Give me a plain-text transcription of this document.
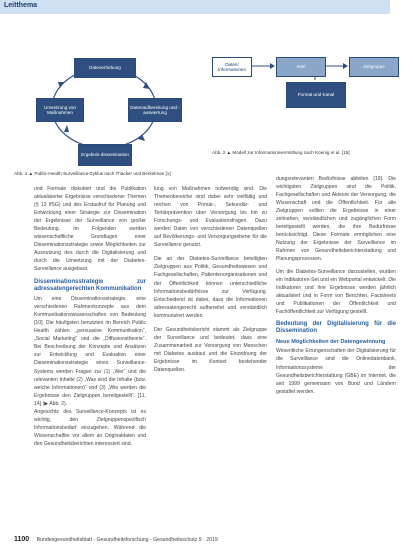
Leitthema
Datenerhebung
Umsetzung von Maßnahmen
Datenaufbereitung und -auswertung
Ergebnis-dissemination
Abb. 1 ▲ Public-Health-Surveillance-Zyklus nach Thacker und Berkelman [1]
Daten/ Informationen
Intel	Zielgruppe
Format und Kanal
Abb. 2 ▲ Modell zur Informationsvermittlung nach Koenig et al. [15]

und Formate diskutiert und die Publikation aktualisierter Ergebnisse verschiedener Themen (§ 13 IfSG) und des Erstaufruf für Planung und Entwicklung einer Strategie zur Dissemination der Ergebnisse der Surveillance von großer Bedeutung. Im Folgenden werden wissenschaftliche Grundlagen einer Disseminationsstrategie sowie Möglichkeiten zur Ausnutzung des durch die Digitalisierung und durch die Umsetzung mit der Diabetes-Surveillance ausgebaut.

Disseminationsstrategie zur adressatengerechten Kommunikation

Um eine Disseminationsstrategie, eine verschiedenen Rahmenkonzepte aus dem Kommunikationswissenschaften von Bedeutung [10]. Die häufigsten benutzten im Bereich Public Health zählen „persuasive Kommunikation“, „Social Marketing“ und die „Diffusionstheorie“. Bei Beschreibung der Konzepte und Ansätzen zur Entwicklung und Evaluation einer Disseminationsstrategie eines Surveillance-Systems werden Fragen zur (1) „Wer“ und die relevanten Inhalte (2) „Was sind die Inhalte (bzw. welche Informationen)“ und (3) „Wie werden die Ergebnisse den Zielgruppen bereitgestellt“. [11, 14] (▶ Abb. 2).

Angesichts des Surveillance-Konzepts ist es wichtig, den Zielgruppenspezifisch Informationsbedarf einzugehen. Während die Wissenschaftler vor allem an Originaldaten und den Gesundheitsberichten interessiert sind,

lung von Maßnahmen notwendig sind. Die Themenbereiche sind dabei sehr vielfältig und reichen von Primär-, Sekundär- und Tertiärprävention über Versorgung bis hin zu Forschungs- und Evaluationsfragen. Dazu werden Daten von verschiedenen Datenquellen auf Bevölkerungs- und Versorgungsebene für die Surveillance genutzt.

Die an der Diabetes-Surveillance beteiligten Zielgruppen aus Politik, Gesundheitswesen und Fachgesellschaften, Patientenorganisationen und der Öffentlichkeit können unterschiedliche Informationsbedürfnisse zur Verfügung. Entscheidend ist dabei, dass die Informationen adressatengerecht aufbereitet und verständlich kommuniziert werden.

Der Gesundheitsbericht stammt als Zielgruppe der Surveillance und bedeutet, dass eine Zusammenarbeit zur Versorgung von Menschen mit Diabetes ausbaut und die Einordnung der Ergebnisse im Kontext bestehender Datenquellen.

dungsrelevanten Bedürfnisse ableiten [19]. Die wichtigsten Zielgruppen sind die Politik, Fachgesellschaften und Akteure der Versorgung, die Wissenschaft und die Öffentlichkeit. Für alle Zielgruppen sollten die Ergebnisse in einer zeitnahen, verständlichen und zugänglichen Form bereitgestellt werden, die ihre Bedürfnisse berücksichtigt. Diese Formate ermöglichen eine Nutzung der Ergebnisse der Surveillance im Rahmen von Gesundheitsberichterstattung und Planungsprozessen.

Um die Diabetes-Surveillance darzustellen, wurden ein Indikatoren-Set und ein Webportal entwickelt. Die Indikatoren und ihre Ergebnisse werden jährlich aktualisiert und in Form von Berichten, Factsheets und Publikationen der Öffentlichkeit und Fachöffentlichkeit zur Verfügung gestellt.

Bedeutung der Digitalisierung für die Dissemination
Neue Möglichkeiten der Datengewinnung

Wesentliche Errungenschaften der Digitalisierung für die Surveillance sind die Onlinedatenbank, Informationssysteme der Gesundheitsberichterstattung (GBE) im Internet, die seit 1999 gemeinsam von Bund und Ländern gestaltet werden.

1100 Bundesgesundheitsblatt - Gesundheitsforschung - Gesundheitsschutz 9 · 2019
